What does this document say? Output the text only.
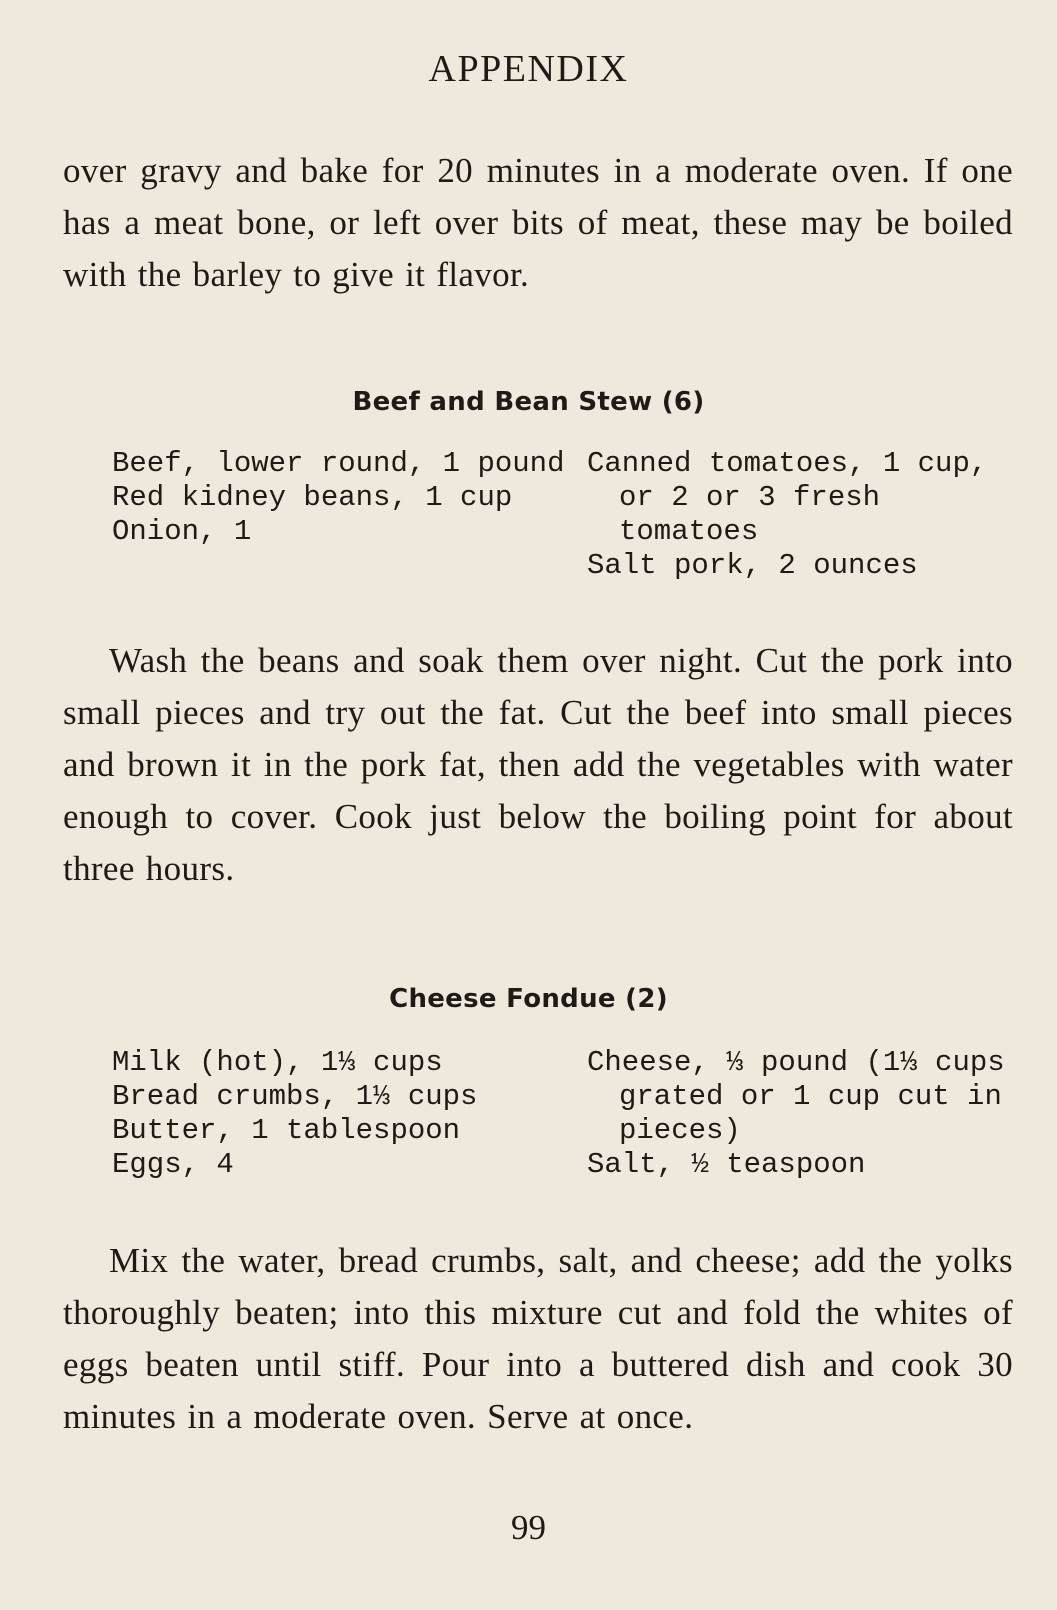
APPENDIX

over gravy and bake for 20 minutes in a moderate oven. If one has a meat bone, or left over bits of meat, these may be boiled with the barley to give it flavor.

Beef and Bean Stew (6)
Beef, lower round, 1 pound
Red kidney beans, 1 cup
Onion, 1
Canned tomatoes, 1 cup, or 2 or 3 fresh tomatoes
Salt pork, 2 ounces

Wash the beans and soak them over night. Cut the pork into small pieces and try out the fat. Cut the beef into small pieces and brown it in the pork fat, then add the vegetables with water enough to cover. Cook just below the boiling point for about three hours.

Cheese Fondue (2)
Milk (hot), 1⅓ cups
Bread crumbs, 1⅓ cups
Butter, 1 tablespoon
Eggs, 4
Cheese, ⅓ pound (1⅓ cups grated or 1 cup cut in pieces)
Salt, ½ teaspoon

Mix the water, bread crumbs, salt, and cheese; add the yolks thoroughly beaten; into this mixture cut and fold the whites of eggs beaten until stiff. Pour into a buttered dish and cook 30 minutes in a moderate oven. Serve at once.

99
